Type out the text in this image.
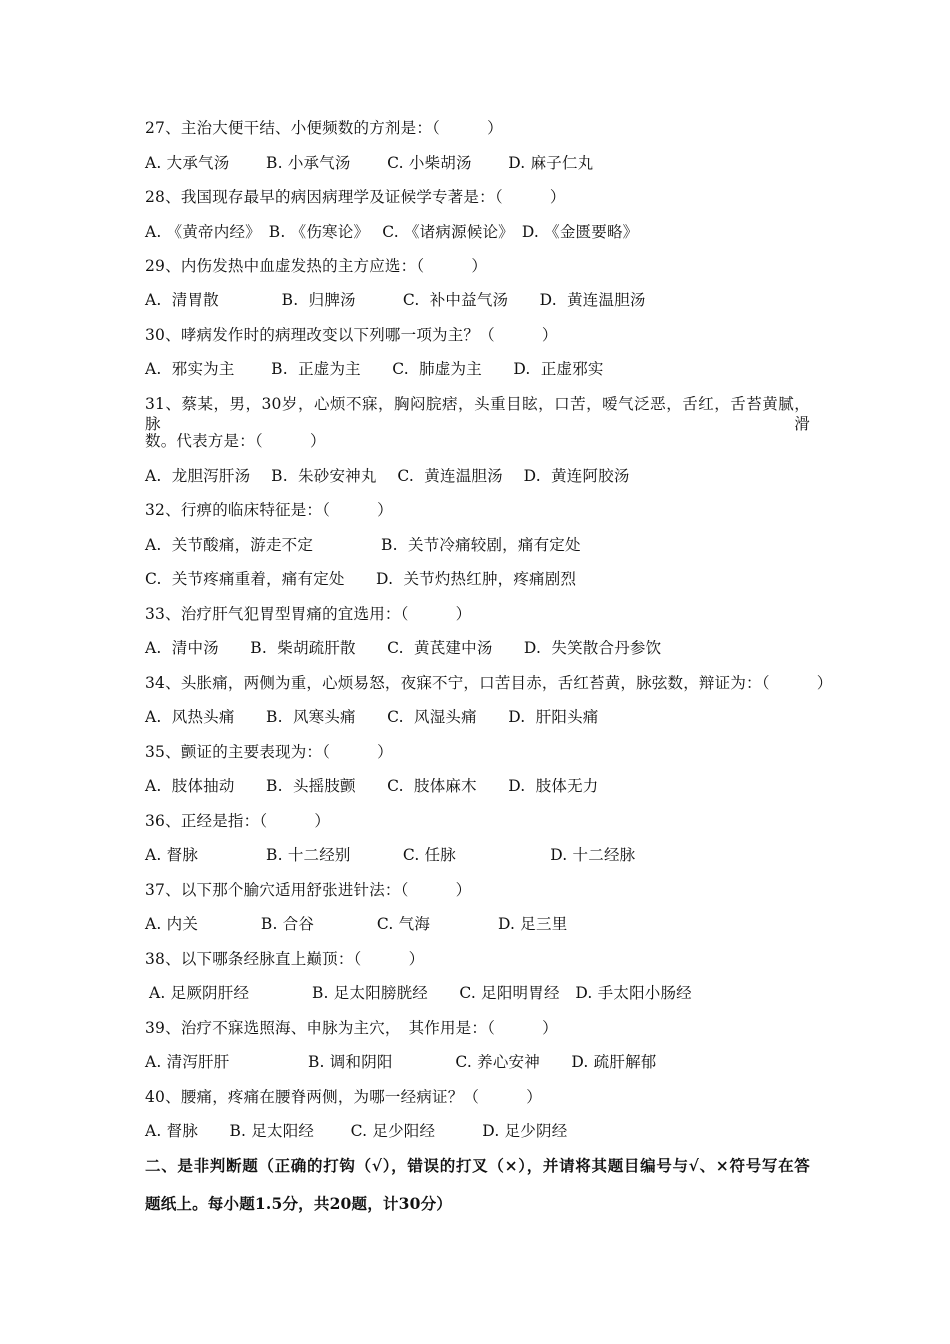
27、主治大便干结、小便频数的方剂是：（　　　）
A. 大承气汤　　 B. 小承气汤　　 C. 小柴胡汤　　 D. 麻子仁丸
28、我国现存最早的病因病理学及证候学专著是：（　　　）
A. 《黄帝内经》　B. 《伤寒论》　 C. 《诸病源候论》　D. 《金匮要略》
29、内伤发热中血虚发热的主方应选：（　　　）
A.  清胃散　　　　B.  归脾汤　　　C.  补中益气汤　　D.  黄连温胆汤
30、哮病发作时的病理改变以下列哪一项为主？（　　　）
A.  邪实为主　　 B.  正虚为主　　C.  肺虚为主　　D.  正虚邪实
31、蔡某，男，30岁，心烦不寐，胸闷脘痞，头重目眩，口苦，嗳气泛恶，舌红，舌苔黄腻，脉滑
数。代表方是：（　　　）
A.  龙胆泻肝汤　 B.  朱砂安神丸　 C.  黄连温胆汤　 D.  黄连阿胶汤
32、行痹的临床特征是：（　　　）
A.  关节酸痛，游走不定　　　　 B.  关节冷痛较剧，痛有定处
C.  关节疼痛重着，痛有定处　　D.  关节灼热红肿，疼痛剧烈
33、治疗肝气犯胃型胃痛的宜选用：（　　　）
A.  清中汤　　B.  柴胡疏肝散　　C.  黄芪建中汤　　D.  失笑散合丹参饮
34、头胀痛，两侧为重，心烦易怒，夜寐不宁，口苦目赤，舌红苔黄，脉弦数，辩证为：（　　　）
A.  风热头痛　　B.  风寒头痛　　C.  风湿头痛　　D.  肝阳头痛
35、颤证的主要表现为：（　　　）
A.  肢体抽动　　B.  头摇肢颤　　C.  肢体麻木　　D.  肢体无力
36、正经是指：（　　　）
A. 督脉　　　　 B. 十二经别　　　 C. 任脉　　　　　　D. 十二经脉
37、以下那个腧穴适用舒张进针法：（　　　）
A. 内关　　　　B. 合谷　　　　C. 气海　　　　 D. 足三里
38、以下哪条经脉直上巅顶：（　　　）
A. 足厥阴肝经　　　　B. 足太阳膀胱经　　C. 足阳明胃经　D. 手太阳小肠经
39、治疗不寐选照海、申脉为主穴，　其作用是：（　　　）
A. 清泻肝肝　　　　　B. 调和阴阳　　　　C. 养心安神　　D. 疏肝解郁
40、腰痛，疼痛在腰脊两侧，为哪一经病证？（　　　）
A. 督脉　　B. 足太阳经　　 C. 足少阳经　　　D. 足少阴经
二、是非判断题（正确的打钩（√），错误的打叉（×），并请将其题目编号与√、×符号写在答
题纸上。每小题1.5分，共20题，计30分）
